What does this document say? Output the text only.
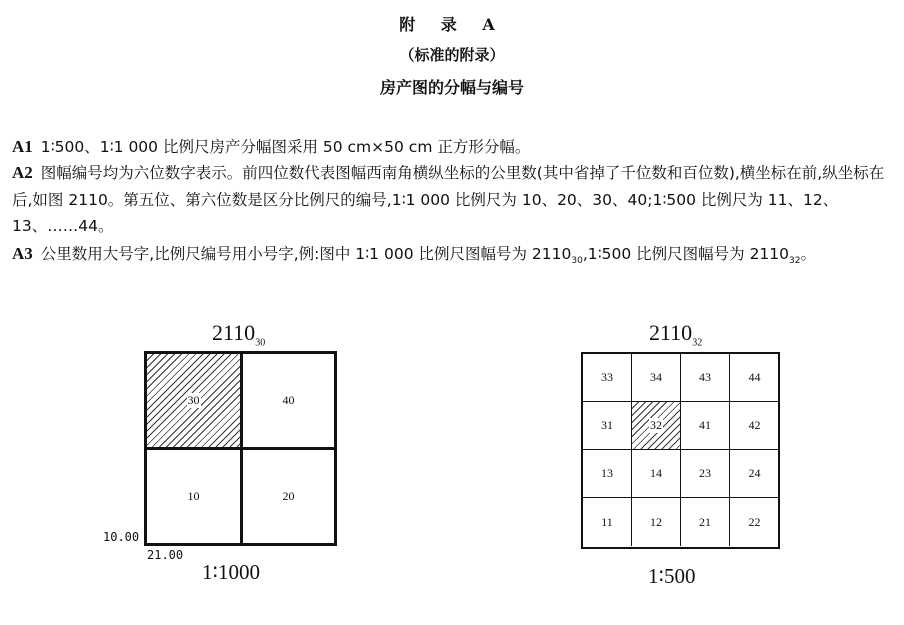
附 录 A
（标准的附录）
房产图的分幅与编号
A1 1∶500、1∶1 000 比例尺房产分幅图采用 50 cm×50 cm 正方形分幅。
A2 图幅编号均为六位数字表示。前四位数代表图幅西南角横纵坐标的公里数(其中省掉了千位数和百位数),横坐标在前,纵坐标在后,如图 2110。第五位、第六位数是区分比例尺的编号,1∶1 000 比例尺为 10、20、30、40;1∶500 比例尺为 11、12、13、……44。
A3 公里数用大号字,比例尺编号用小号字,例:图中 1∶1 000 比例尺图幅号为 $2110_{30},1∶500$ 比例尺图幅号为 $2110_{32}$。
$2110_{30}$
30	40
10	20
10.00
21.00
1∶1000
$2110_{32}$
33	34	43	44
31	32	41	42
13	14	23	24
11	12	21	22
1∶500
